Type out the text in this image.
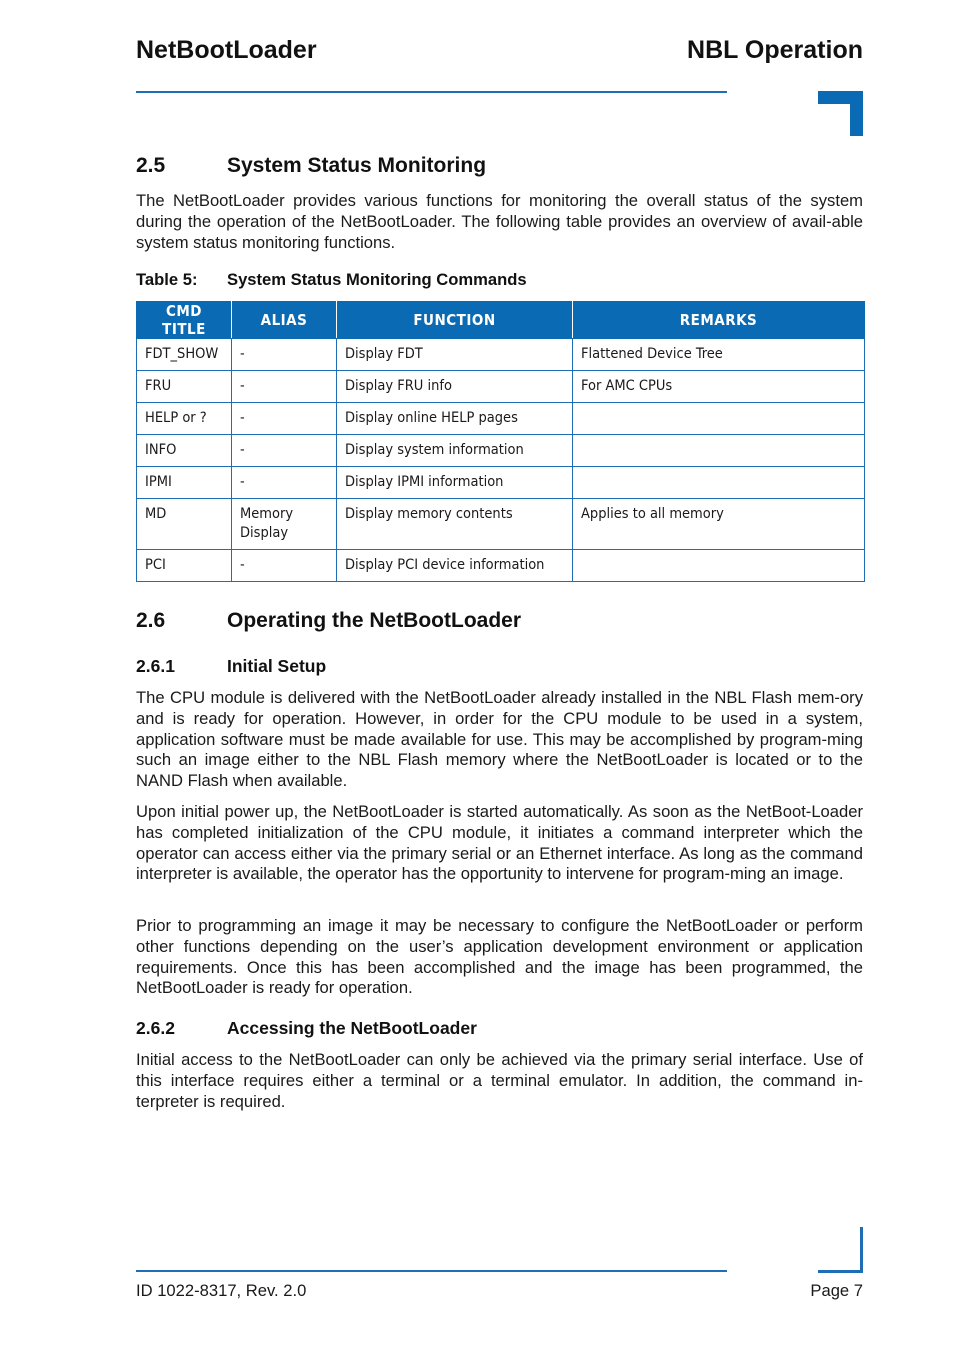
NetBootLoader	NBL Operation
2.5	System Status Monitoring
The NetBootLoader provides various functions for monitoring the overall status of the system during the operation of the NetBootLoader. The following table provides an overview of avail-able system status monitoring functions.
Table 5: System Status Monitoring Commands
CMD TITLE	ALIAS	FUNCTION	REMARKS
FDT_SHOW	-	Display FDT	Flattened Device Tree
FRU	-	Display FRU info	For AMC CPUs
HELP or ?	-	Display online HELP pages	
INFO	-	Display system information	
IPMI	-	Display IPMI information	
MD	Memory Display	Display memory contents	Applies to all memory
PCI	-	Display PCI device information	
2.6	Operating the NetBootLoader
2.6.1	Initial Setup
The CPU module is delivered with the NetBootLoader already installed in the NBL Flash mem-ory and is ready for operation. However, in order for the CPU module to be used in a system, application software must be made available for use. This may be accomplished by program-ming such an image either to the NBL Flash memory where the NetBootLoader is located or to the NAND Flash when available.
Upon initial power up, the NetBootLoader is started automatically. As soon as the NetBoot-Loader has completed initialization of the CPU module, it initiates a command interpreter which the operator can access either via the primary serial or an Ethernet interface. As long as the command interpreter is available, the operator has the opportunity to intervene for program-ming an image.
Prior to programming an image it may be necessary to configure the NetBootLoader or perform other functions depending on the user’s application development environment or application requirements. Once this has been accomplished and the image has been programmed, the NetBootLoader is ready for operation.
2.6.2	Accessing the NetBootLoader
Initial access to the NetBootLoader can only be achieved via the primary serial interface. Use of this interface requires either a terminal or a terminal emulator. In addition, the command in-terpreter is required.
ID 1022-8317, Rev. 2.0	Page 7
